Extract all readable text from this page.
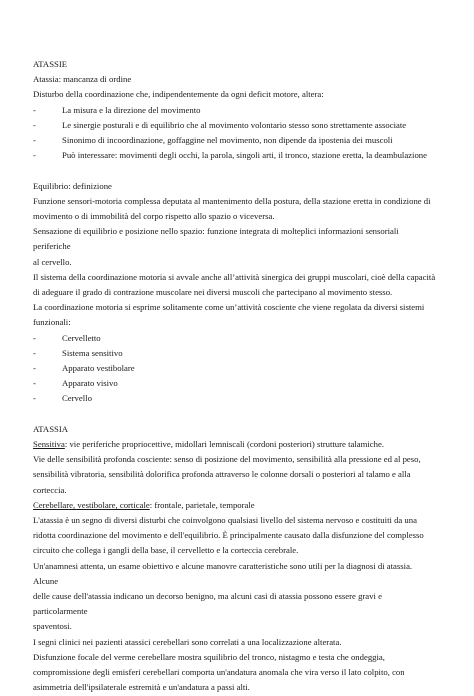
ATASSIE

Atassia: mancanza di ordine

Disturbo della coordinazione che, indipendentemente da ogni deficit motore, altera:

-	La misura e la direzione del movimento
-	Le sinergie posturali e di equilibrio che al movimento volontario stesso sono strettamente associate
-	Sinonimo di incoordinazione, goffaggine nel movimento, non dipende da ipostenia dei muscoli
-	Può interessare: movimenti degli occhi, la parola, singoli arti, il tronco, stazione eretta, la deambulazione

Equilibrio: definizione

Funzione sensori-motoria complessa deputata al mantenimento della postura, della stazione eretta in condizione di

movimento o di immobilità del corpo rispetto allo spazio o viceversa.

Sensazione di equilibrio e posizione nello spazio: funzione integrata di molteplici informazioni sensoriali periferiche

al cervello.

Il sistema della coordinazione motoria si avvale anche all’attività sinergica dei gruppi muscolari, cioè della capacità

di adeguare il grado di contrazione muscolare nei diversi muscoli che partecipano al movimento stesso.

La coordinazione motoria si esprime solitamente come un’attività cosciente che viene regolata da diversi sistemi

funzionali:

-	Cervelletto
-	Sistema sensitivo
-	Apparato vestibolare
-	Apparato visivo
-	Cervello

ATASSIA

Sensitiva: vie periferiche propriocettive, midollari lemniscali (cordoni posteriori) strutture talamiche.

Vie delle sensibilità profonda cosciente: senso di posizione del movimento, sensibilità alla pressione ed al peso,

sensibilità vibratoria, sensibilità dolorifica profonda attraverso le colonne dorsali o posteriori al talamo e alla

corteccia.

Cerebellare, vestibolare, corticale: frontale, parietale, temporale

L'atassia è un segno di diversi disturbi che coinvolgono qualsiasi livello del sistema nervoso e costituiti da una

ridotta coordinazione del movimento e dell'equilibrio. È principalmente causato dalla disfunzione del complesso

circuito che collega i gangli della base, il cervelletto e la corteccia cerebrale.

Un'anamnesi attenta, un esame obiettivo e alcune manovre caratteristiche sono utili per la diagnosi di atassia. Alcune

delle cause dell'atassia indicano un decorso benigno, ma alcuni casi di atassia possono essere gravi e particolarmente

spaventosi.

I segni clinici nei pazienti atassici cerebellari sono correlati a una localizzazione alterata.

Disfunzione focale del verme cerebellare mostra squilibrio del tronco, nistagmo e testa che ondeggia,

compromissione degli emisferi cerebellari comporta un'andatura anomala che vira verso il lato colpito, con

asimmetria dell'ipsilaterale estremità e un'andatura a passi alti.
